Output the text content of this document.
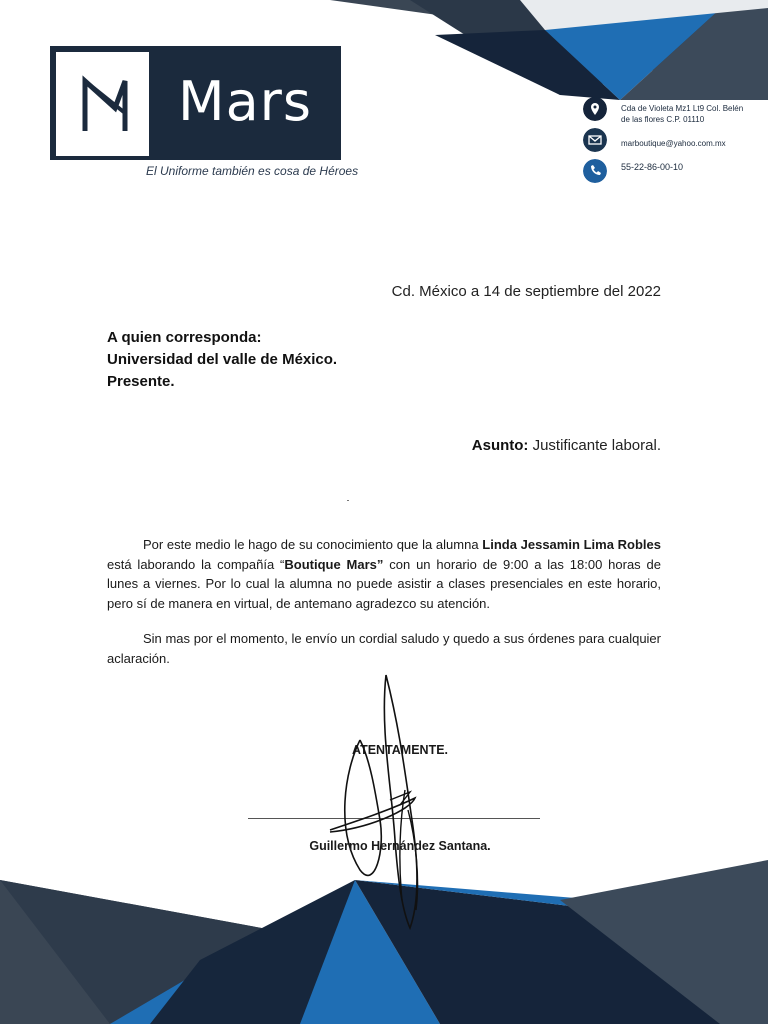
Mars
El Uniforme también es cosa de Héroes
Cda de Violeta Mz1 Lt9 Col. Belén de las flores C.P. 01110
marboutique@yahoo.com.mx
55-22-86-00-10
Cd. México a 14 de septiembre del 2022
A quien corresponda:
Universidad del valle de México.
Presente.
Asunto: Justificante laboral.
Por este medio le hago de su conocimiento que la alumna Linda Jessamin Lima Robles está laborando la compañía “Boutique Mars” con un horario de 9:00 a las 18:00 horas de lunes a viernes. Por lo cual la alumna no puede asistir a clases presenciales en este horario, pero sí de manera en virtual, de antemano agradezco su atención.
Sin mas por el momento, le envío un cordial saludo y quedo a sus órdenes para cualquier aclaración.
ATENTAMENTE.
Guillermo Hernández Santana.
